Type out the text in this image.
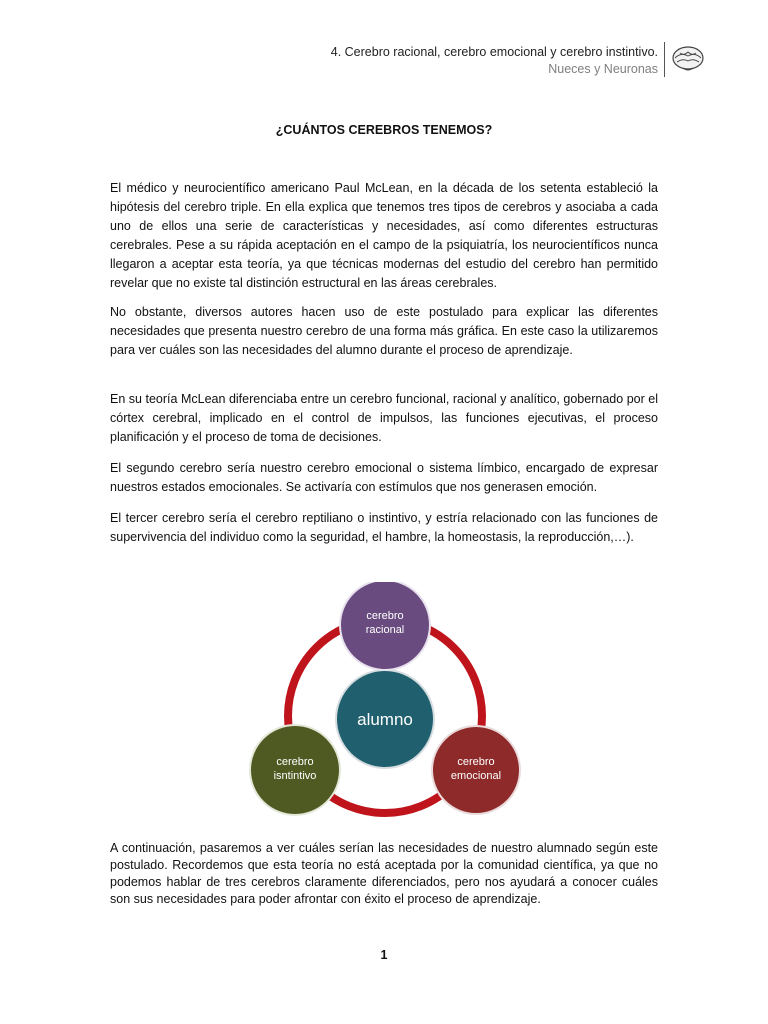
4. Cerebro racional, cerebro emocional y cerebro instintivo.
Nueces y Neuronas
¿CUÁNTOS CEREBROS TENEMOS?

El médico y neurocientífico americano Paul McLean, en la década de los setenta estableció la hipótesis del cerebro triple. En ella explica que tenemos tres tipos de cerebros y asociaba a cada uno de ellos una serie de características y necesidades, así como diferentes estructuras cerebrales. Pese a su rápida aceptación en el campo de la psiquiatría, los neurocientíficos nunca llegaron a aceptar esta teoría, ya que técnicas modernas del estudio del cerebro han permitido revelar que no existe tal distinción estructural en las áreas cerebrales.

No obstante, diversos autores hacen uso de este postulado para explicar las diferentes necesidades que presenta nuestro cerebro de una forma más gráfica. En este caso la utilizaremos para ver cuáles son las necesidades del alumno durante el proceso de aprendizaje.

En su teoría McLean diferenciaba entre un cerebro funcional, racional y analítico, gobernado por el córtex cerebral, implicado en el control de impulsos, las funciones ejecutivas, el proceso planificación y el proceso de toma de decisiones.

El segundo cerebro sería nuestro cerebro emocional o sistema límbico, encargado de expresar nuestros estados emocionales. Se activaría con estímulos que nos generasen emoción.

El tercer cerebro sería el cerebro reptiliano o instintivo, y estría relacionado con las funciones de supervivencia del individuo como la seguridad, el hambre, la homeostasis, la reproducción,…).

alumno
cerebro
racional
cerebro
emocional
cerebro
isntintivo

A continuación, pasaremos a ver cuáles serían las necesidades de nuestro alumnado según este postulado. Recordemos que esta teoría no está aceptada por la comunidad científica, ya que no podemos hablar de tres cerebros claramente diferenciados, pero nos ayudará a conocer cuáles son sus necesidades para poder afrontar con éxito el proceso de aprendizaje.

1
